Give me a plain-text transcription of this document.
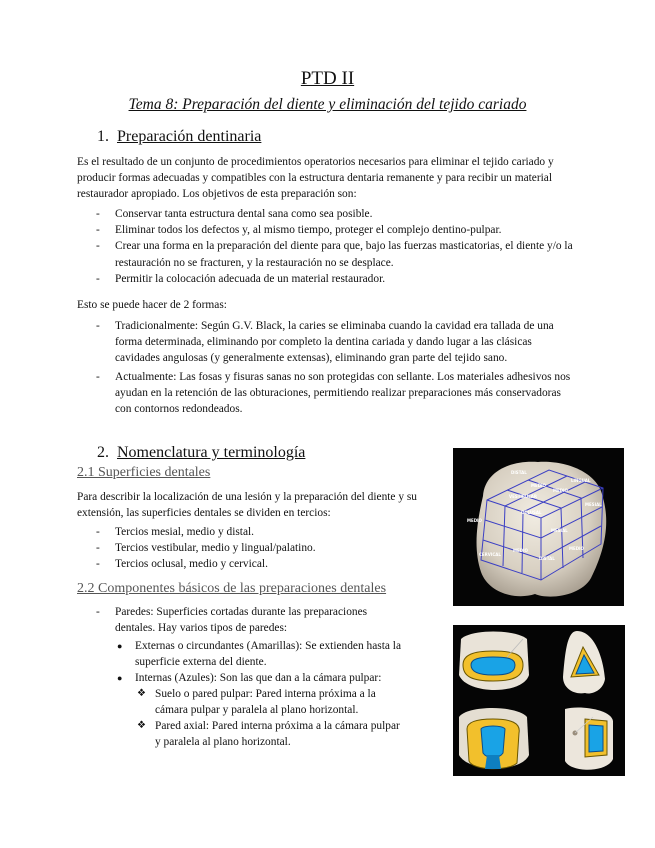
PTD II
Tema 8: Preparación del diente y eliminación del tejido cariado
1. Preparación dentinaria
Es el resultado de un conjunto de procedimientos operatorios necesarios para eliminar el tejido cariado y producir formas adecuadas y compatibles con la estructura dentaria remanente y para recibir un material restaurador apropiado. Los objetivos de esta preparación son:
- Conservar tanta estructura dental sana como sea posible.
- Eliminar todos los defectos y, al mismo tiempo, proteger el complejo dentino-pulpar.
- Crear una forma en la preparación del diente para que, bajo las fuerzas masticatorias, el diente y/o la restauración no se fracturen, y la restauración no se desplace.
- Permitir la colocación adecuada de un material restaurador.
Esto se puede hacer de 2 formas:
- Tradicionalmente: Según G.V. Black, la caries se eliminaba cuando la cavidad era tallada de una forma determinada, eliminando por completo la dentina cariada y dando lugar a las clásicas cavidades angulosas (y generalmente extensas), eliminando gran parte del tejido sano.
- Actualmente: Las fosas y fisuras sanas no son protegidas con sellante. Los materiales adhesivos nos ayudan en la retención de las obturaciones, permitiendo realizar preparaciones más conservadoras con contornos redondeados.
2. Nomenclatura y terminología
2.1 Superficies dentales
Para describir la localización de una lesión y la preparación del diente y su extensión, las superficies dentales se dividen en tercios:
- Tercios mesial, medio y distal.
- Tercios vestibular, medio y lingual/palatino.
- Tercios oclusal, medio y cervical.
2.2 Componentes básicos de las preparaciones dentales
- Paredes: Superficies cortadas durante las preparaciones dentales. Hay varios tipos de paredes:
● Externas o circundantes (Amarillas): Se extienden hasta la superficie externa del diente.
● Internas (Azules): Son las que dan a la cámara pulpar:
❖ Suelo o pared pulpar: Pared interna próxima a la cámara pulpar y paralela al plano horizontal.
❖ Pared axial: Pared interna próxima a la cámara pulpar y paralela al plano horizontal.
DISTAL
MEDIO
LINGUAL
MEDIO
VESTIBULAR
OCLUSAL
MESIAL
MEDIO
CERVICAL
MESIAL
MEDIO
DISTAL
MEDIO
